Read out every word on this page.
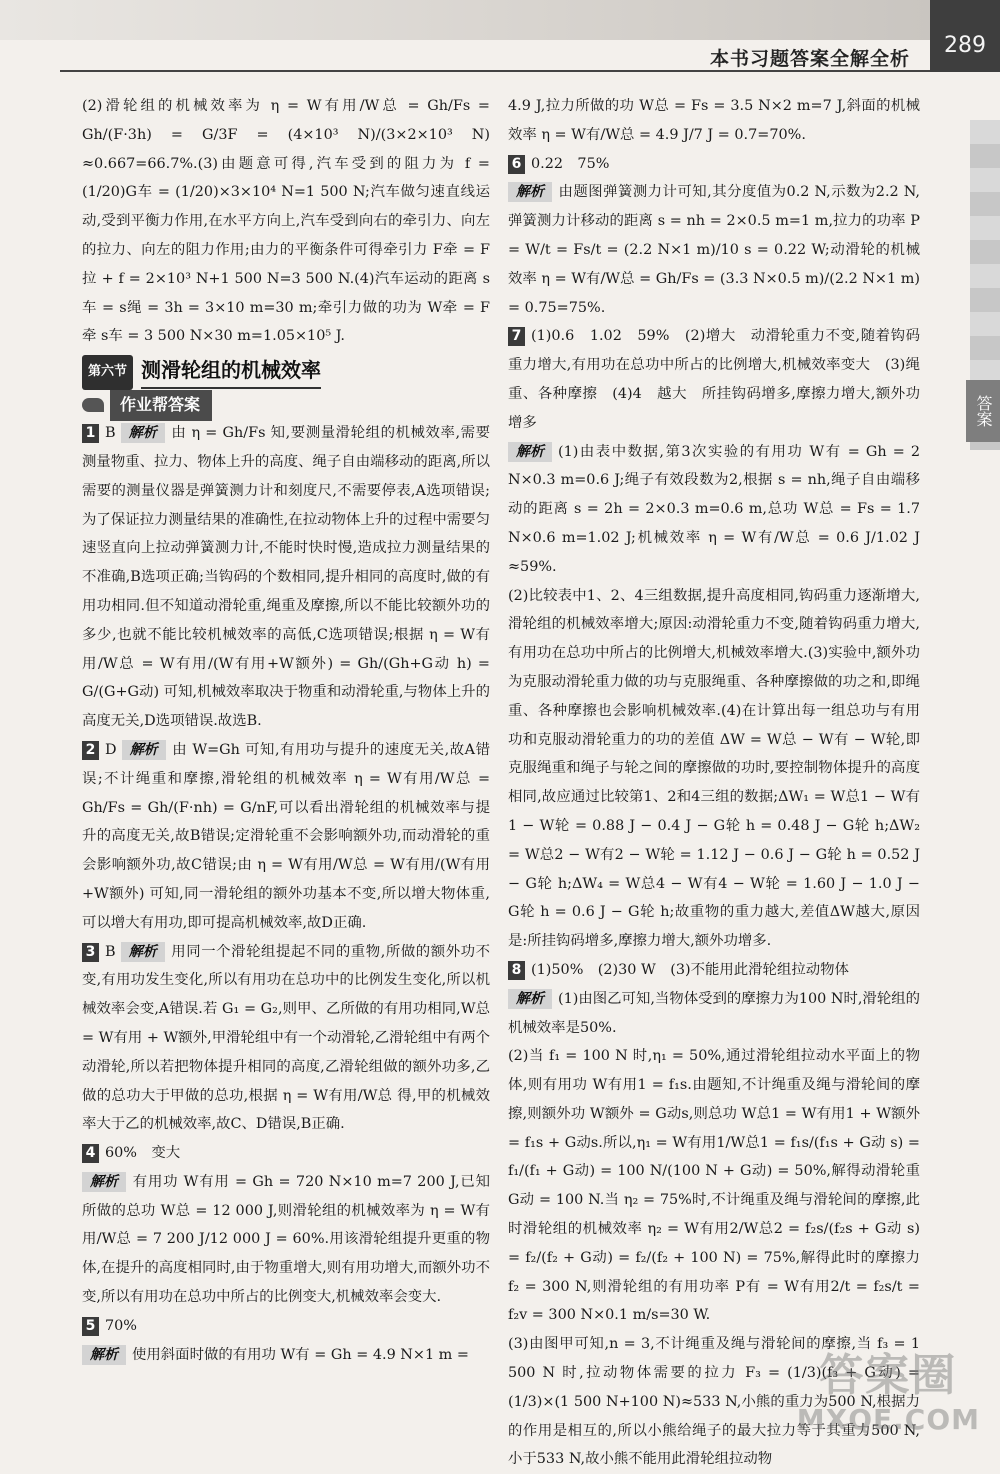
本书习题答案全解全析
289
答案

(2)滑轮组的机械效率为 η = W有用/W总 = Gh/Fs = Gh/(F·3h) = G/3F = (4×10³ N)/(3×2×10³ N) ≈0.667=66.7%.(3)由题意可得,汽车受到的阻力为 f = (1/20)G车 = (1/20)×3×10⁴ N=1 500 N;汽车做匀速直线运动,受到平衡力作用,在水平方向上,汽车受到向右的牵引力、向左的拉力、向左的阻力作用;由力的平衡条件可得牵引力 F牵 = F拉 + f = 2×10³ N+1 500 N=3 500 N.(4)汽车运动的距离 s车 = s绳 = 3h = 3×10 m=30 m;牵引力做的功为 W牵 = F牵 s车 = 3 500 N×30 m=1.05×10⁵ J.

第六节 测滑轮组的机械效率
作业帮答案

1 B 解析 由 η = Gh/Fs 知,要测量滑轮组的机械效率,需要测量物重、拉力、物体上升的高度、绳子自由端移动的距离,所以需要的测量仪器是弹簧测力计和刻度尺,不需要停表,A选项错误;为了保证拉力测量结果的准确性,在拉动物体上升的过程中需要匀速竖直向上拉动弹簧测力计,不能时快时慢,造成拉力测量结果的不准确,B选项正确;当钩码的个数相同,提升相同的高度时,做的有用功相同.但不知道动滑轮重,绳重及摩擦,所以不能比较额外功的多少,也就不能比较机械效率的高低,C选项错误;根据 η = W有用/W总 = W有用/(W有用+W额外) = Gh/(Gh+G动 h) = G/(G+G动) 可知,机械效率取决于物重和动滑轮重,与物体上升的高度无关,D选项错误.故选B.

2 D 解析 由 W=Gh 可知,有用功与提升的速度无关,故A错误;不计绳重和摩擦,滑轮组的机械效率 η = W有用/W总 = Gh/Fs = Gh/(F·nh) = G/nF,可以看出滑轮组的机械效率与提升的高度无关,故B错误;定滑轮重不会影响额外功,而动滑轮的重会影响额外功,故C错误;由 η = W有用/W总 = W有用/(W有用+W额外) 可知,同一滑轮组的额外功基本不变,所以增大物体重,可以增大有用功,即可提高机械效率,故D正确.

3 B 解析 用同一个滑轮组提起不同的重物,所做的额外功不变,有用功发生变化,所以有用功在总功中的比例发生变化,所以机械效率会变,A错误.若 G₁ = G₂,则甲、乙所做的有用功相同,W总 = W有用 + W额外,甲滑轮组中有一个动滑轮,乙滑轮组中有两个动滑轮,所以若把物体提升相同的高度,乙滑轮组做的额外功多,乙做的总功大于甲做的总功,根据 η = W有用/W总 得,甲的机械效率大于乙的机械效率,故C、D错误,B正确.

4 60%　变大

解析 有用功 W有用 = Gh = 720 N×10 m=7 200 J,已知所做的总功 W总 = 12 000 J,则滑轮组的机械效率为 η = W有用/W总 = 7 200 J/12 000 J = 60%.用该滑轮组提升更重的物体,在提升的高度相同时,由于物重增大,则有用功增大,而额外功不变,所以有用功在总功中所占的比例变大,机械效率会变大.

5 70%

解析 使用斜面时做的有用功 W有 = Gh = 4.9 N×1 m =

4.9 J,拉力所做的功 W总 = Fs = 3.5 N×2 m=7 J,斜面的机械效率 η = W有/W总 = 4.9 J/7 J = 0.7=70%.

6 0.22　75%

解析 由题图弹簧测力计可知,其分度值为0.2 N,示数为2.2 N,弹簧测力计移动的距离 s = nh = 2×0.5 m=1 m,拉力的功率 P = W/t = Fs/t = (2.2 N×1 m)/10 s = 0.22 W;动滑轮的机械效率 η = W有/W总 = Gh/Fs = (3.3 N×0.5 m)/(2.2 N×1 m) = 0.75=75%.

7 (1)0.6　1.02　59%　(2)增大　动滑轮重力不变,随着钩码重力增大,有用功在总功中所占的比例增大,机械效率变大　(3)绳重、各种摩擦　(4)4　越大　所挂钩码增多,摩擦力增大,额外功增多

解析 (1)由表中数据,第3次实验的有用功 W有 = Gh = 2 N×0.3 m=0.6 J;绳子有效段数为2,根据 s = nh,绳子自由端移动的距离 s = 2h = 2×0.3 m=0.6 m,总功 W总 = Fs = 1.7 N×0.6 m=1.02 J;机械效率 η = W有/W总 = 0.6 J/1.02 J ≈59%.

(2)比较表中1、2、4三组数据,提升高度相同,钩码重力逐渐增大,滑轮组的机械效率增大;原因:动滑轮重力不变,随着钩码重力增大,有用功在总功中所占的比例增大,机械效率增大.(3)实验中,额外功为克服动滑轮重力做的功与克服绳重、各种摩擦做的功之和,即绳重、各种摩擦也会影响机械效率.(4)在计算出每一组总功与有用功和克服动滑轮重力的功的差值 ΔW = W总 − W有 − W轮,即克服绳重和绳子与轮之间的摩擦做的功时,要控制物体提升的高度相同,故应通过比较第1、2和4三组的数据;ΔW₁ = W总1 − W有1 − W轮 = 0.88 J − 0.4 J − G轮 h = 0.48 J − G轮 h;ΔW₂ = W总2 − W有2 − W轮 = 1.12 J − 0.6 J − G轮 h = 0.52 J − G轮 h;ΔW₄ = W总4 − W有4 − W轮 = 1.60 J − 1.0 J − G轮 h = 0.6 J − G轮 h;故重物的重力越大,差值ΔW越大,原因是:所挂钩码增多,摩擦力增大,额外功增多.

8 (1)50%　(2)30 W　(3)不能用此滑轮组拉动物体

解析 (1)由图乙可知,当物体受到的摩擦力为100 N时,滑轮组的机械效率是50%.

(2)当 f₁ = 100 N 时,η₁ = 50%,通过滑轮组拉动水平面上的物体,则有用功 W有用1 = f₁s.由题知,不计绳重及绳与滑轮间的摩擦,则额外功 W额外 = G动s,则总功 W总1 = W有用1 + W额外 = f₁s + G动s.所以,η₁ = W有用1/W总1 = f₁s/(f₁s + G动 s) = f₁/(f₁ + G动) = 100 N/(100 N + G动) = 50%,解得动滑轮重 G动 = 100 N.当 η₂ = 75%时,不计绳重及绳与滑轮间的摩擦,此时滑轮组的机械效率 η₂ = W有用2/W总2 = f₂s/(f₂s + G动 s) = f₂/(f₂ + G动) = f₂/(f₂ + 100 N) = 75%,解得此时的摩擦力 f₂ = 300 N,则滑轮组的有用功率 P有 = W有用2/t = f₂s/t = f₂v = 300 N×0.1 m/s=30 W.

(3)由图甲可知,n = 3,不计绳重及绳与滑轮间的摩擦,当 f₃ = 1 500 N 时,拉动物体需要的拉力 F₃ = (1/3)(f₃ + G动) = (1/3)×(1 500 N+100 N)≈533 N,小熊的重力为500 N,根据力的作用是相互的,所以小熊给绳子的最大拉力等于其重力500 N,小于533 N,故小熊不能用此滑轮组拉动物

答案圈
MXQE.COM
